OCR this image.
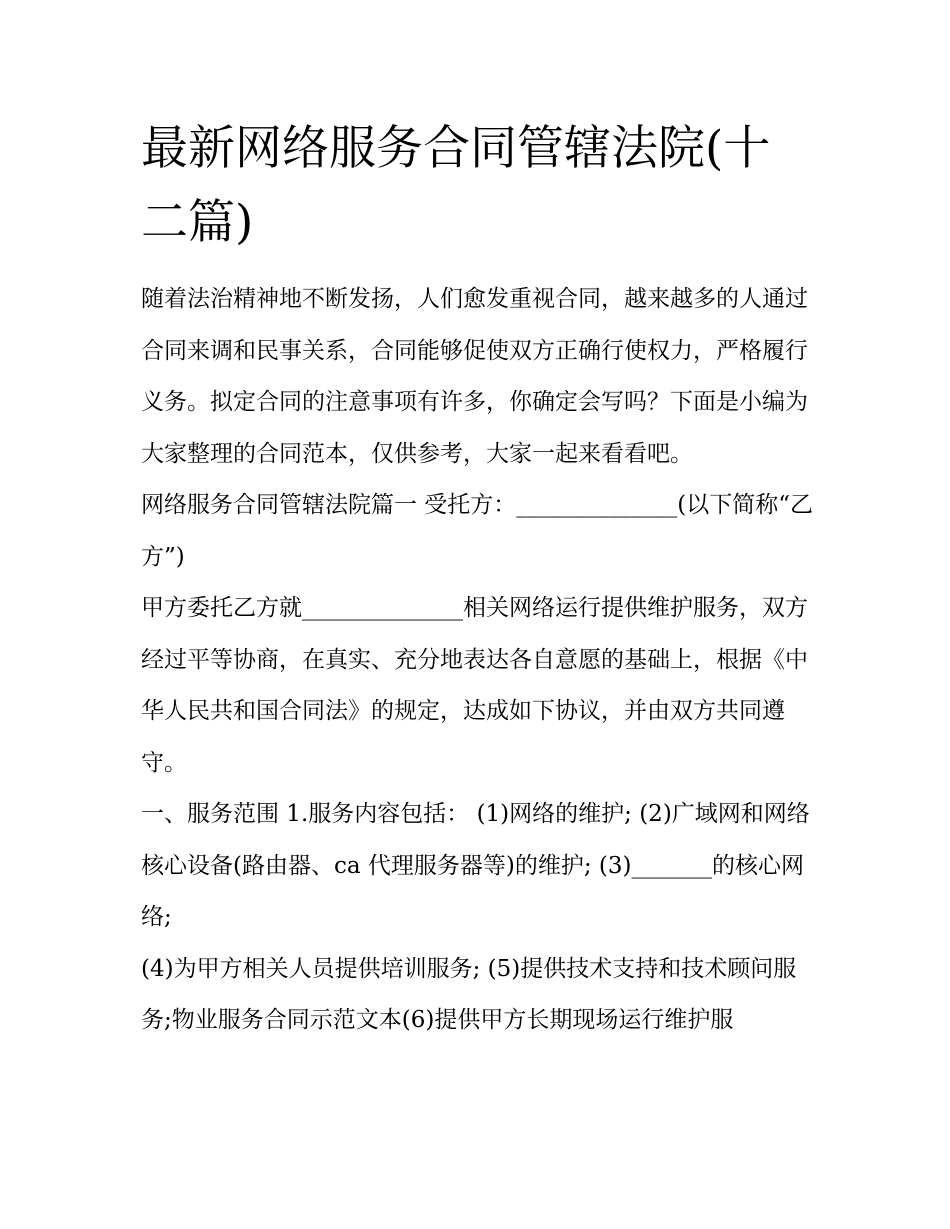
最新网络服务合同管辖法院(十二篇)

随着法治精神地不断发扬，人们愈发重视合同，越来越多的人通过合同来调和民事关系，合同能够促使双方正确行使权力，严格履行义务。拟定合同的注意事项有许多，你确定会写吗？下面是小编为大家整理的合同范本，仅供参考，大家一起来看看吧。

网络服务合同管辖法院篇一 受托方：______________(以下简称“乙方”)

甲方委托乙方就______________相关网络运行提供维护服务，双方经过平等协商，在真实、充分地表达各自意愿的基础上，根据《中华人民共和国合同法》的规定，达成如下协议，并由双方共同遵守。

一、服务范围 1.服务内容包括： (1)网络的维护; (2)广域网和网络核心设备(路由器、ca 代理服务器等)的维护; (3)_______的核心网络;

(4)为甲方相关人员提供培训服务; (5)提供技术支持和技术顾问服务;物业服务合同示范文本(6)提供甲方长期现场运行维护服
